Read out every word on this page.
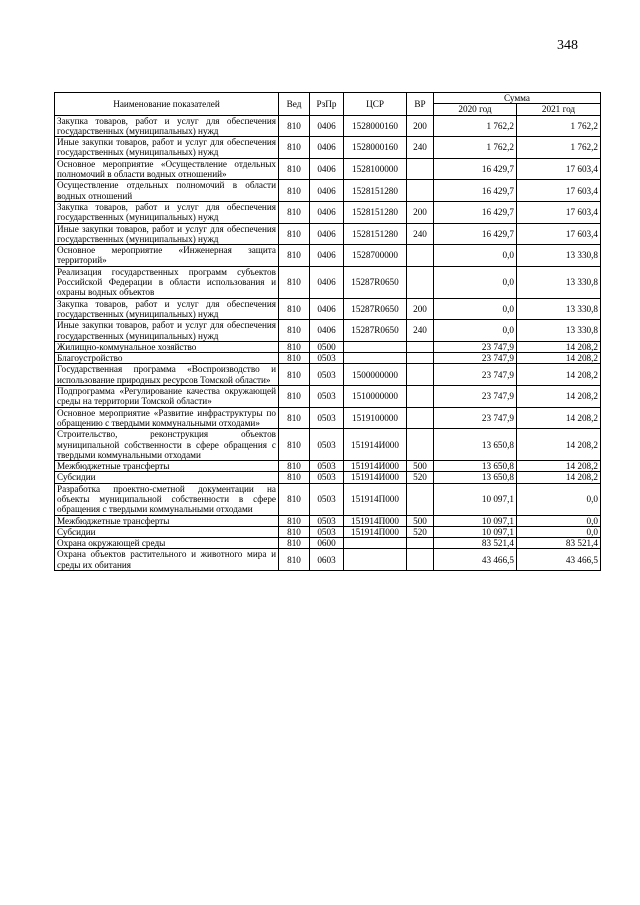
348
Наименование показателей	Вед	РзПр	ЦСР	ВР	Сумма	
					2020 год	2021 год
Закупка товаров, работ и услуг для обеспечения государственных (муниципальных) нужд	810	0406	1528000160	200	1 762,2	1 762,2
Иные закупки товаров, работ и услуг для обеспечения государственных (муниципальных) нужд	810	0406	1528000160	240	1 762,2	1 762,2
Основное мероприятие «Осуществление отдельных полномочий в области водных отношений»	810	0406	1528100000		16 429,7	17 603,4
Осуществление отдельных полномочий в области водных отношений	810	0406	1528151280		16 429,7	17 603,4
Закупка товаров, работ и услуг для обеспечения государственных (муниципальных) нужд	810	0406	1528151280	200	16 429,7	17 603,4
Иные закупки товаров, работ и услуг для обеспечения государственных (муниципальных) нужд	810	0406	1528151280	240	16 429,7	17 603,4
Основное мероприятие «Инженерная защита территорий»	810	0406	1528700000		0,0	13 330,8
Реализация государственных программ субъектов Российской Федерации в области использования и охраны водных объектов	810	0406	15287R0650		0,0	13 330,8
Закупка товаров, работ и услуг для обеспечения государственных (муниципальных) нужд	810	0406	15287R0650	200	0,0	13 330,8
Иные закупки товаров, работ и услуг для обеспечения государственных (муниципальных) нужд	810	0406	15287R0650	240	0,0	13 330,8
Жилищно-коммунальное хозяйство	810	0500			23 747,9	14 208,2
Благоустройство	810	0503			23 747,9	14 208,2
Государственная программа «Воспроизводство и использование природных ресурсов Томской области»	810	0503	1500000000		23 747,9	14 208,2
Подпрограмма «Регулирование качества окружающей среды на территории Томской области»	810	0503	1510000000		23 747,9	14 208,2
Основное мероприятие «Развитие инфраструктуры по обращению с твердыми коммунальными отходами»	810	0503	1519100000		23 747,9	14 208,2
Строительство, реконструкция объектов муниципальной собственности в сфере обращения с твердыми коммунальными отходами	810	0503	151914И000		13 650,8	14 208,2
Межбюджетные трансферты	810	0503	151914И000	500	13 650,8	14 208,2
Субсидии	810	0503	151914И000	520	13 650,8	14 208,2
Разработка проектно-сметной документации на объекты муниципальной собственности в сфере обращения с твердыми коммунальными отходами	810	0503	151914П000		10 097,1	0,0
Межбюджетные трансферты	810	0503	151914П000	500	10 097,1	0,0
Субсидии	810	0503	151914П000	520	10 097,1	0,0
Охрана окружающей среды	810	0600			83 521,4	83 521,4
Охрана объектов растительного и животного мира и среды их обитания	810	0603			43 466,5	43 466,5
